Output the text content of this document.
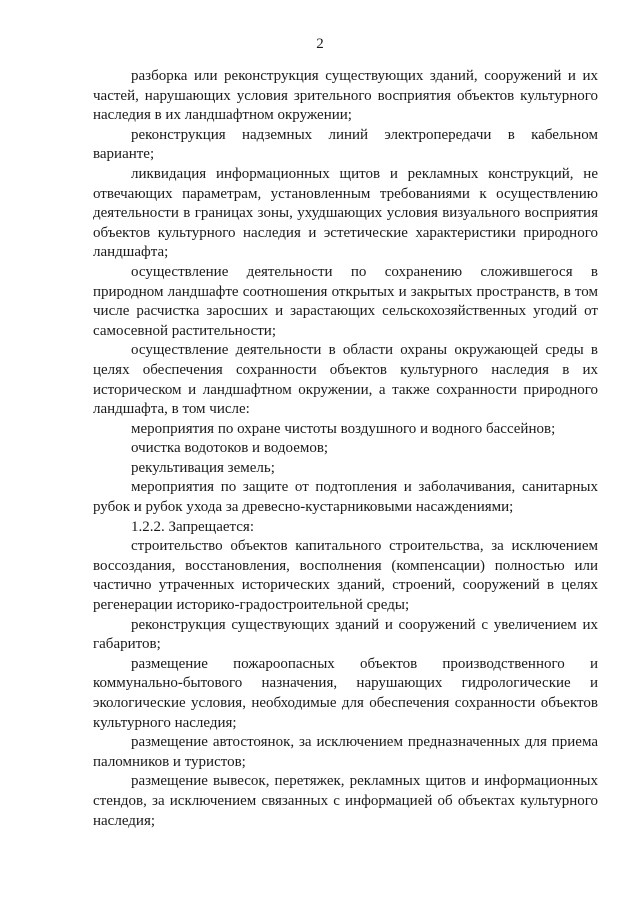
2

разборка или реконструкция существующих зданий, сооружений и их частей, нарушающих условия зрительного восприятия объектов культурного наследия в их ландшафтном окружении;

реконструкция надземных линий электропередачи в кабельном варианте;

ликвидация информационных щитов и рекламных конструкций, не отвечающих параметрам, установленным требованиями к осуществлению деятельности в границах зоны, ухудшающих условия визуального восприятия объектов культурного наследия и эстетические характеристики природного ландшафта;

осуществление деятельности по сохранению сложившегося в природном ландшафте соотношения открытых и закрытых пространств, в том числе расчистка заросших и зарастающих сельскохозяйственных угодий от самосевной растительности;

осуществление деятельности в области охраны окружающей среды в целях обеспечения сохранности объектов культурного наследия в их историческом и ландшафтном окружении, а также сохранности природного ландшафта, в том числе:

мероприятия по охране чистоты воздушного и водного бассейнов;

очистка водотоков и водоемов;

рекультивация земель;

мероприятия по защите от подтопления и заболачивания, санитарных рубок и рубок ухода за древесно-кустарниковыми насаждениями;

1.2.2. Запрещается:

строительство объектов капитального строительства, за исключением воссоздания, восстановления, восполнения (компенсации) полностью или частично утраченных исторических зданий, строений, сооружений в целях регенерации историко-градостроительной среды;

реконструкция существующих зданий и сооружений с увеличением их габаритов;

размещение пожароопасных объектов производственного и коммунально-бытового назначения, нарушающих гидрологические и экологические условия, необходимые для обеспечения сохранности объектов культурного наследия;

размещение автостоянок, за исключением предназначенных для приема паломников и туристов;

размещение вывесок, перетяжек, рекламных щитов и информационных стендов, за исключением связанных с информацией об объектах культурного наследия;
